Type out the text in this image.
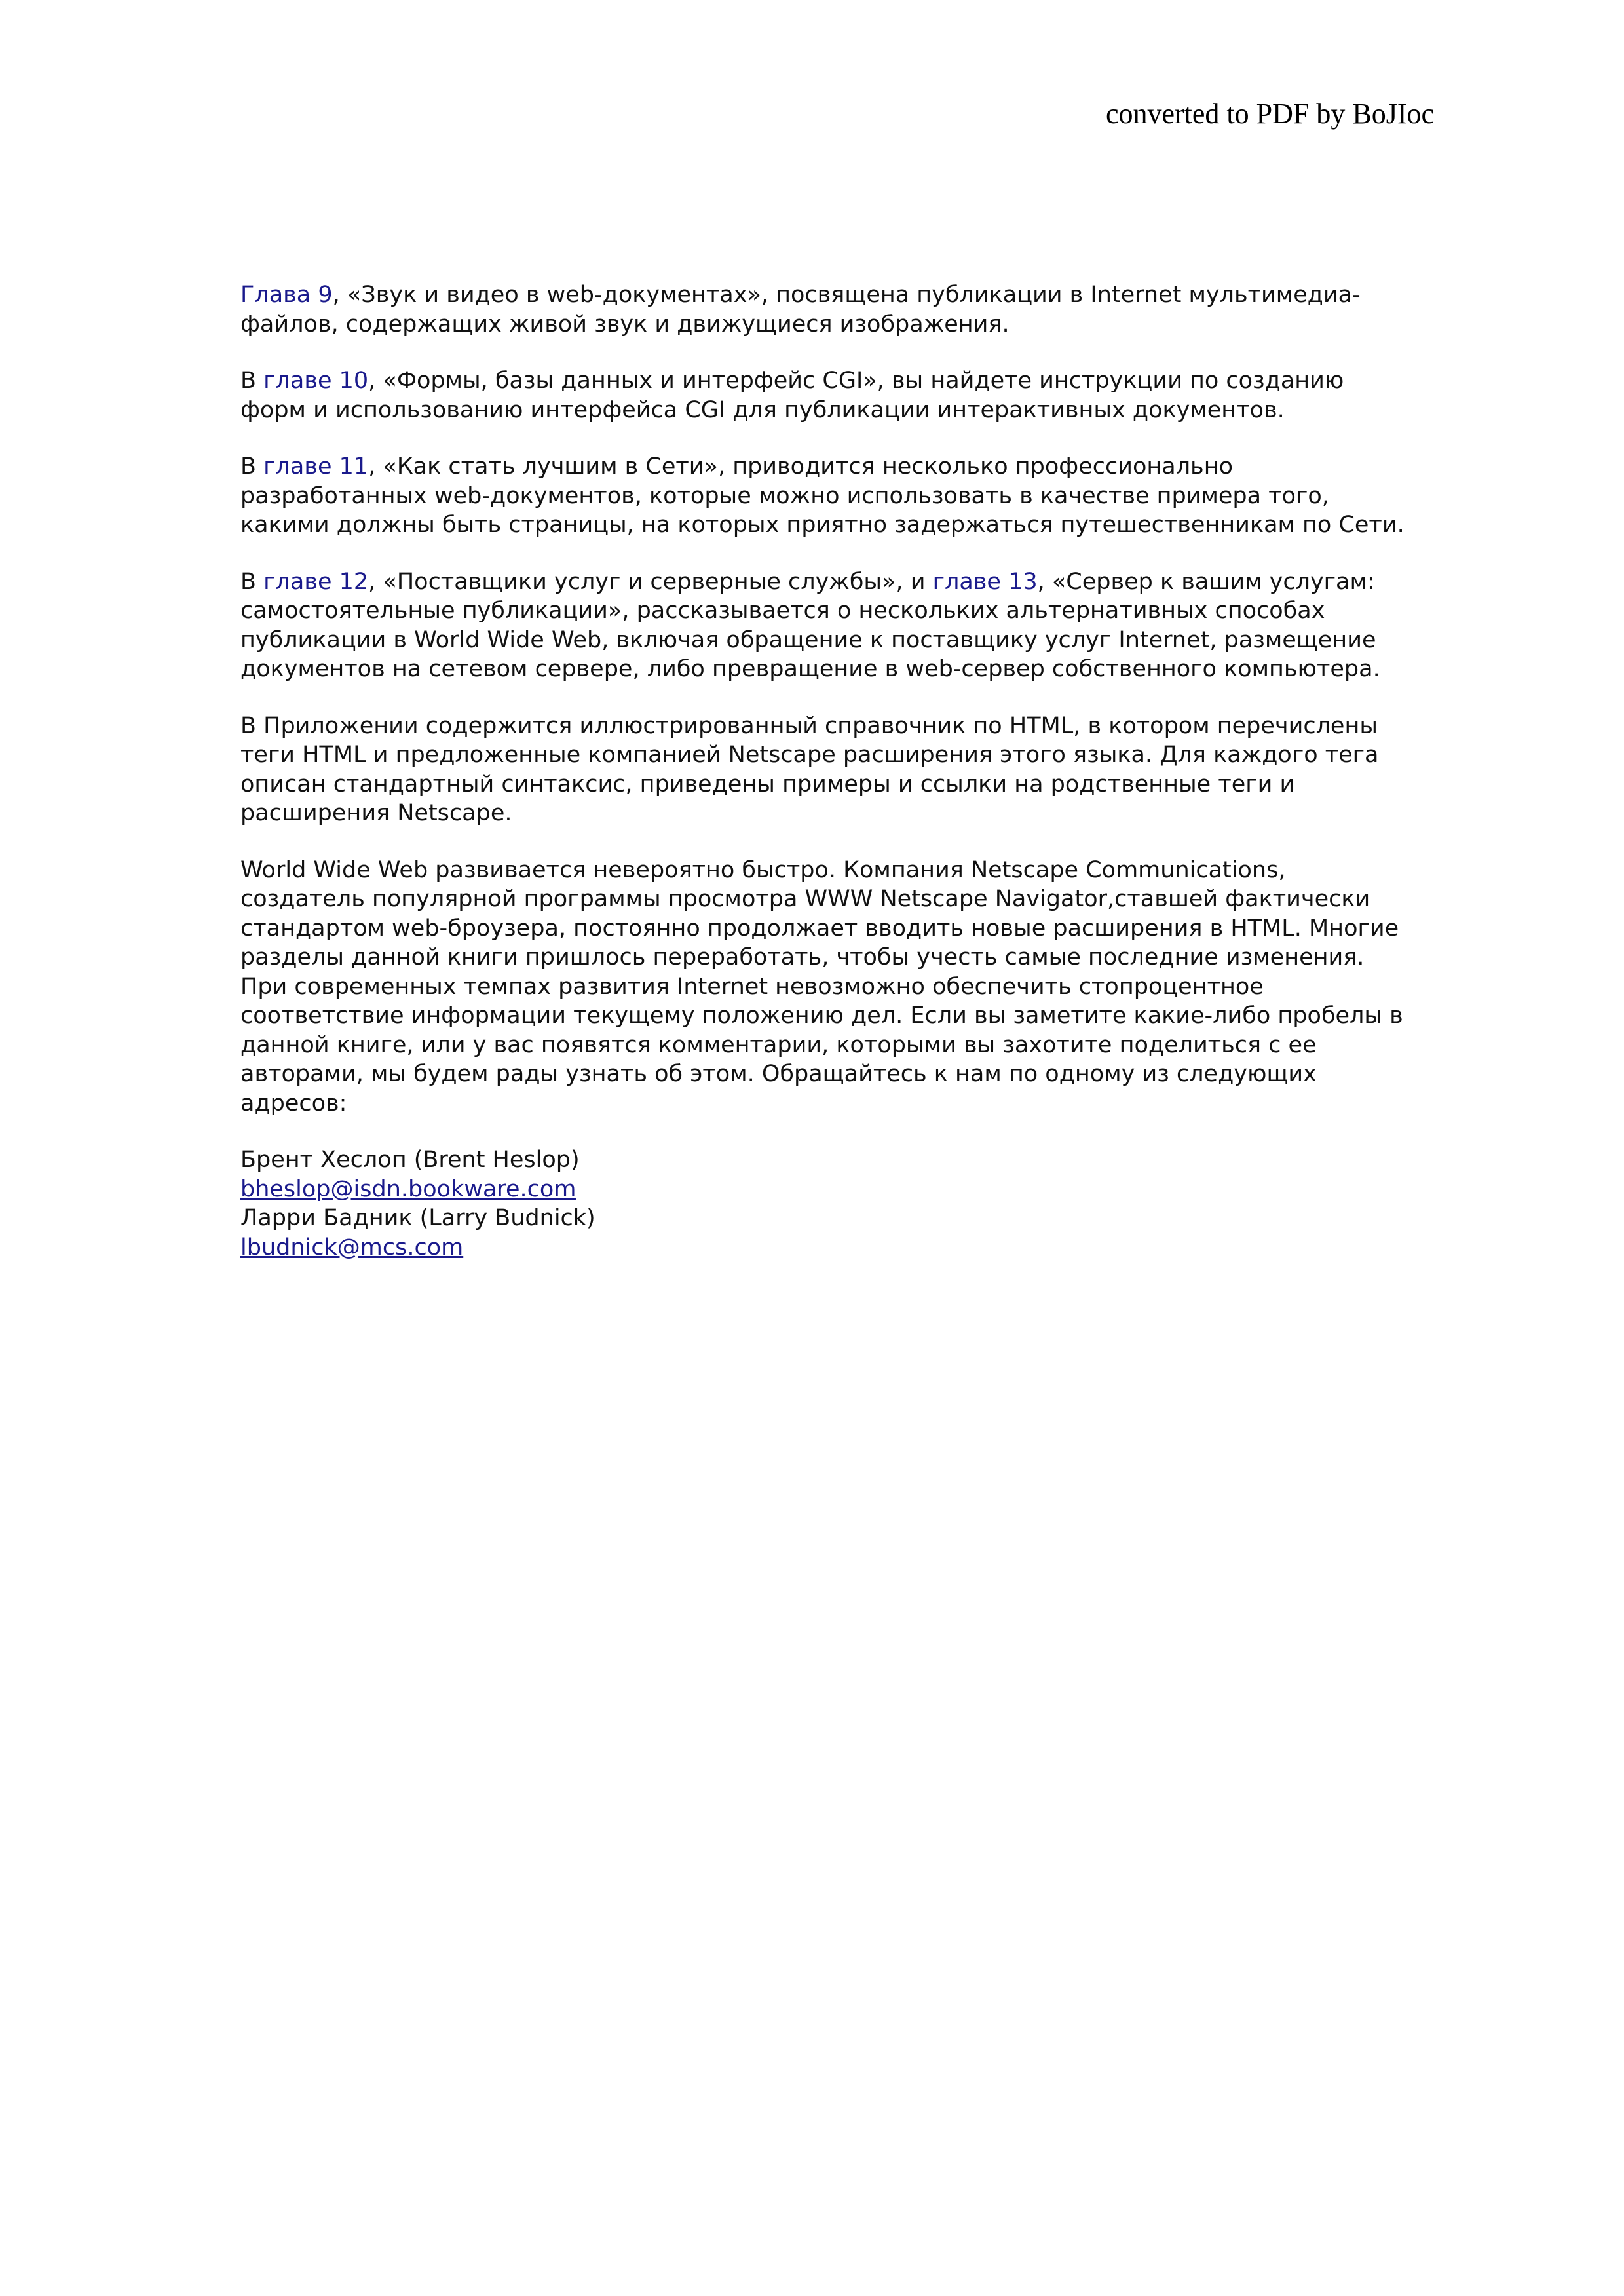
converted to PDF by BoJIoc

Глава 9, «Звук и видео в web-документах», посвящена публикации в Internet мультимедиа-файлов, содержащих живой звук и движущиеся изображения.

В главе 10, «Формы, базы данных и интерфейс CGI», вы найдете инструкции по созданию форм и использованию интерфейса CGI для публикации интерактивных документов.

В главе 11, «Как стать лучшим в Сети», приводится несколько профессионально разработанных web-документов, которые можно использовать в качестве примера того, какими должны быть страницы, на которых приятно задержаться путешественникам по Сети.

В главе 12, «Поставщики услуг и серверные службы», и главе 13, «Сервер к вашим услугам: самостоятельные публикации», рассказывается о нескольких альтернативных способах публикации в World Wide Web, включая обращение к поставщику услуг Internet, размещение документов на сетевом сервере, либо превращение в web-сервер собственного компьютера.

В Приложении содержится иллюстрированный справочник по HTML, в котором перечислены теги HTML и предложенные компанией Netscape расширения этого языка. Для каждого тега описан стандартный синтаксис, приведены примеры и ссылки на родственные теги и расширения Netscape.

World Wide Web развивается невероятно быстро. Компания Netscape Communications, создатель популярной программы просмотра WWW Netscape Navigator,ставшей фактически стандартом web-броузера, постоянно продолжает вводить новые расширения в HTML. Многие разделы данной книги пришлось переработать, чтобы учесть самые последние изменения. При современных темпах развития Internet невозможно обеспечить стопроцентное соответствие информации текущему положению дел. Если вы заметите какие-либо пробелы в данной книге, или у вас появятся комментарии, которыми вы захотите поделиться с ее авторами, мы будем рады узнать об этом. Обращайтесь к нам по одному из следующих адресов:

Брент Хеслоп (Brent Heslop)

bheslop@isdn.bookware.com

Ларри Бадник (Larry Budnick)

lbudnick@mcs.com
